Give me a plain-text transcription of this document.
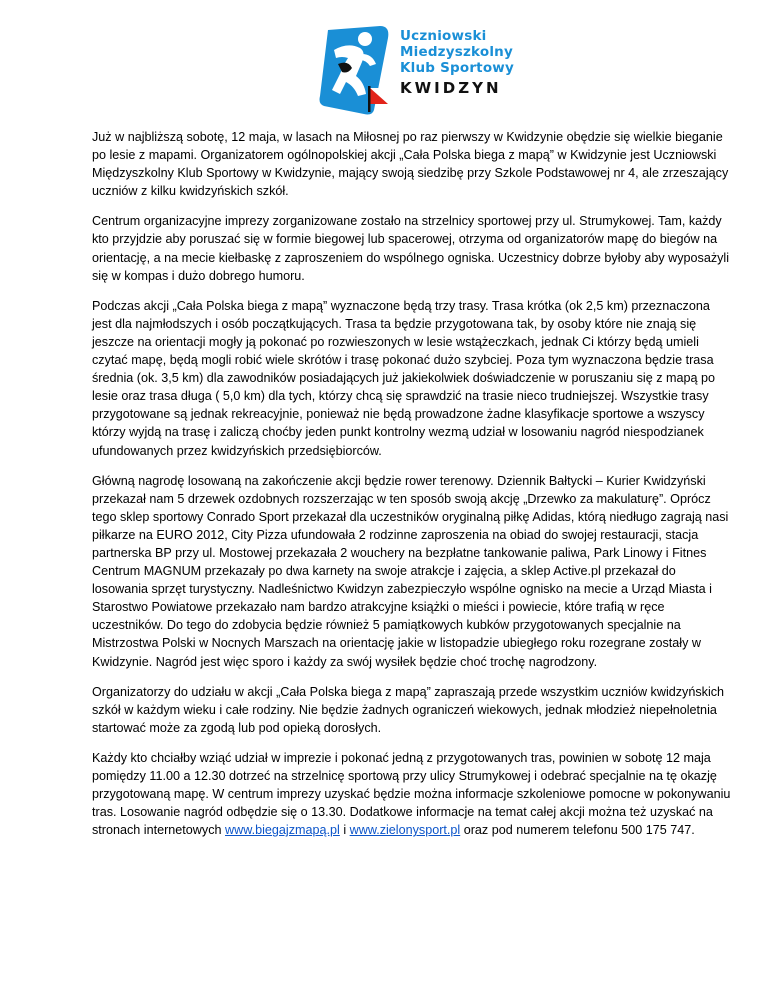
Uczniowski
Miedzyszkolny
Klub Sportowy
KWIDZYN

Już w najbliższą sobotę, 12 maja, w lasach na Miłosnej po raz pierwszy w Kwidzynie obędzie się wielkie bieganie po lesie z mapami. Organizatorem ogólnopolskiej akcji „Cała Polska biega z mapą” w Kwidzynie jest Uczniowski Międzyszkolny Klub Sportowy w Kwidzynie, mający swoją siedzibę przy Szkole Podstawowej nr 4, ale zrzeszający uczniów z kilku kwidzyńskich szkół.

Centrum organizacyjne imprezy zorganizowane zostało na strzelnicy sportowej przy ul. Strumykowej. Tam, każdy kto przyjdzie aby poruszać się w formie biegowej lub spacerowej, otrzyma od organizatorów mapę do biegów na orientację, a na mecie kiełbaskę z zaproszeniem do wspólnego ogniska. Uczestnicy dobrze byłoby aby wyposażyli się w kompas i dużo dobrego humoru.

Podczas akcji „Cała Polska biega z mapą” wyznaczone będą trzy trasy. Trasa krótka (ok 2,5 km) przeznaczona jest dla najmłodszych i osób początkujących. Trasa ta będzie przygotowana tak, by osoby które nie znają się jeszcze na orientacji mogły ją pokonać po rozwieszonych w lesie wstążeczkach, jednak Ci którzy będą umieli czytać mapę, będą mogli robić wiele skrótów i trasę pokonać dużo szybciej. Poza tym wyznaczona będzie trasa średnia (ok. 3,5 km) dla zawodników posiadających już jakiekolwiek doświadczenie w poruszaniu się z mapą po lesie oraz trasa długa ( 5,0 km) dla tych, którzy chcą się sprawdzić na trasie nieco trudniejszej. Wszystkie trasy przygotowane są jednak rekreacyjnie, ponieważ nie będą prowadzone żadne klasyfikacje sportowe a wszyscy którzy wyjdą na trasę i zaliczą choćby jeden punkt kontrolny wezmą udział w losowaniu nagród niespodzianek ufundowanych przez kwidzyńskich przedsiębiorców.

Główną nagrodę losowaną na zakończenie akcji będzie rower terenowy. Dziennik Bałtycki – Kurier Kwidzyński przekazał nam 5 drzewek ozdobnych rozszerzając w ten sposób swoją akcję „Drzewko za makulaturę”. Oprócz tego sklep sportowy Conrado Sport przekazał dla uczestników oryginalną piłkę Adidas, którą niedługo zagrają nasi piłkarze na EURO 2012, City Pizza ufundowała 2 rodzinne zaproszenia na obiad do swojej restauracji, stacja partnerska BP przy ul. Mostowej przekazała 2 wouchery na bezpłatne tankowanie paliwa, Park Linowy i Fitnes Centrum MAGNUM przekazały po dwa karnety na swoje atrakcje i zajęcia, a sklep Active.pl przekazał do losowania sprzęt turystyczny. Nadleśnictwo Kwidzyn zabezpieczyło wspólne ognisko na mecie a Urząd Miasta i Starostwo Powiatowe przekazało nam bardzo atrakcyjne książki o mieści i powiecie, które trafią w ręce uczestników. Do tego do zdobycia będzie również 5 pamiątkowych kubków przygotowanych specjalnie na Mistrzostwa Polski w Nocnych Marszach na orientację jakie w listopadzie ubiegłego roku rozegrane zostały w Kwidzynie. Nagród jest więc sporo i każdy za swój wysiłek będzie choć trochę nagrodzony.

Organizatorzy do udziału w akcji „Cała Polska biega z mapą” zapraszają przede wszystkim uczniów kwidzyńskich szkół w każdym wieku i całe rodziny. Nie będzie żadnych ograniczeń wiekowych, jednak młodzież niepełnoletnia startować może za zgodą lub pod opieką dorosłych.

Każdy kto chciałby wziąć udział w imprezie i pokonać jedną z przygotowanych tras, powinien w sobotę 12 maja pomiędzy 11.00 a 12.30 dotrzeć na strzelnicę sportową przy ulicy Strumykowej i odebrać specjalnie na tę okazję przygotowaną mapę. W centrum imprezy uzyskać będzie można informacje szkoleniowe pomocne w pokonywaniu tras. Losowanie nagród odbędzie się o 13.30. Dodatkowe informacje na temat całej akcji można też uzyskać na stronach internetowych www.biegajzmapą.pl i www.zielonysport.pl oraz pod numerem telefonu 500 175 747.
